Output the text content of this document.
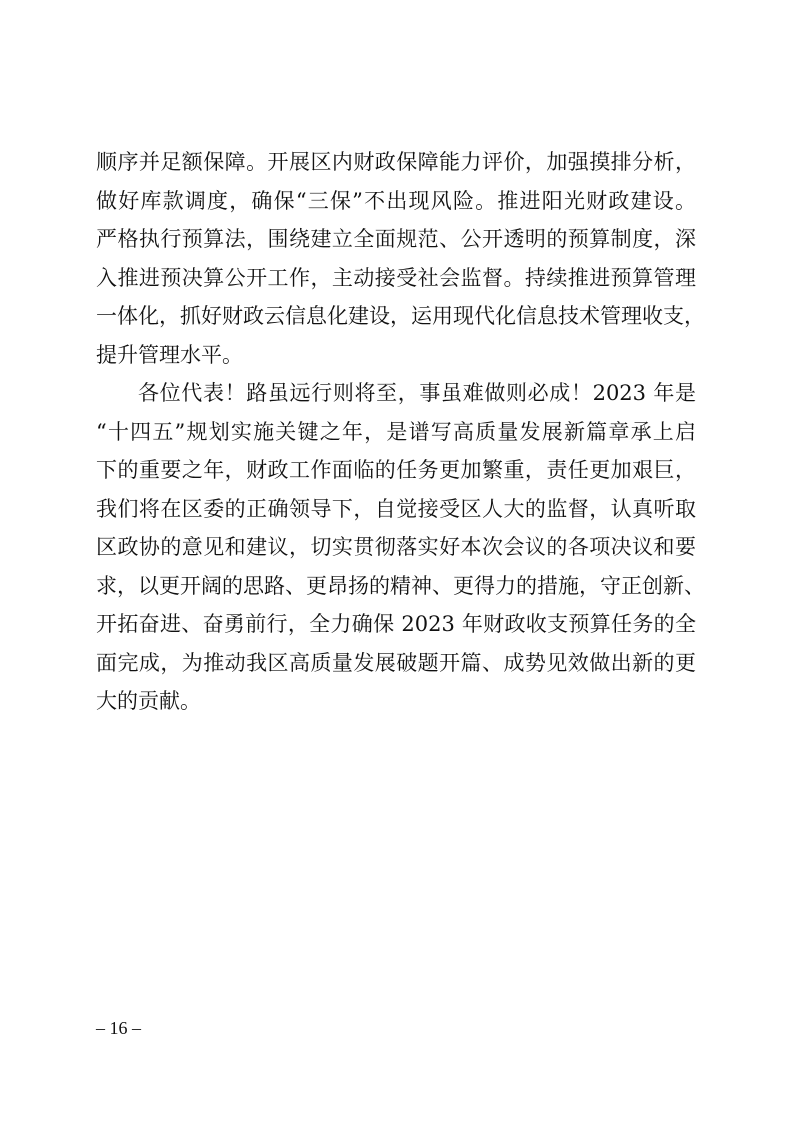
顺序并足额保障。开展区内财政保障能力评价，加强摸排分析，
做好库款调度，确保“三保”不出现风险。推进阳光财政建设。
严格执行预算法，围绕建立全面规范、公开透明的预算制度，深
入推进预决算公开工作，主动接受社会监督。持续推进预算管理
一体化，抓好财政云信息化建设，运用现代化信息技术管理收支，
提升管理水平。
各位代表！路虽远行则将至，事虽难做则必成！2023 年是
“十四五”规划实施关键之年，是谱写高质量发展新篇章承上启
下的重要之年，财政工作面临的任务更加繁重，责任更加艰巨，
我们将在区委的正确领导下，自觉接受区人大的监督，认真听取
区政协的意见和建议，切实贯彻落实好本次会议的各项决议和要
求，以更开阔的思路、更昂扬的精神、更得力的措施，守正创新、
开拓奋进、奋勇前行，全力确保 2023 年财政收支预算任务的全
面完成，为推动我区高质量发展破题开篇、成势见效做出新的更
大的贡献。
– 16 –
